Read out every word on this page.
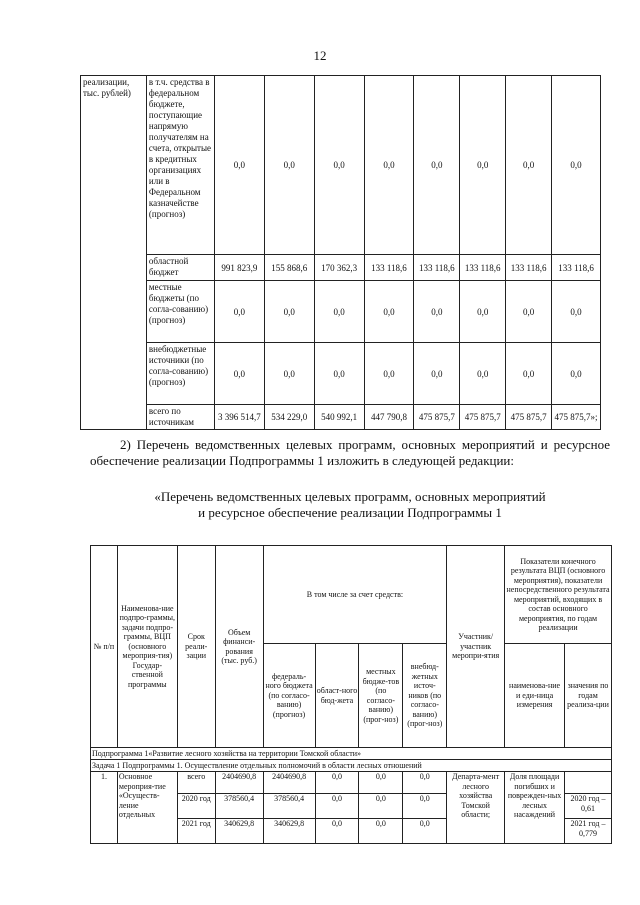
12
реализации, тыс. рублей)	в т.ч. средства в федеральном бюджете, поступающие напрямую получателям на счета, открытые в кредитных организациях или в Федеральном казначействе (прогноз)	0,0	0,0	0,0	0,0	0,0	0,0	0,0	0,0
	областной бюджет	991 823,9	155 868,6	170 362,3	133 118,6	133 118,6	133 118,6	133 118,6	133 118,6
	местные бюджеты (по согла-сованию) (прогноз)	0,0	0,0	0,0	0,0	0,0	0,0	0,0	0,0
	внебюджетные источники (по согла-сованию) (прогноз)	0,0	0,0	0,0	0,0	0,0	0,0	0,0	0,0
	всего по источникам	3 396 514,7	534 229,0	540 992,1	447 790,8	475 875,7	475 875,7	475 875,7	475 875,7»;
2) Перечень ведомственных целевых программ, основных мероприятий и ресурсное обеспечение реализации Подпрограммы 1 изложить в следующей редакции:
«Перечень ведомственных целевых программ, основных мероприятий
и ресурсное обеспечение реализации Подпрограммы 1
№ п/п	Наименова-ние подпро-граммы, задачи подпро-граммы, ВЦП (основного мероприя-тия) Государ-ственной программы	Срок реали-зации	Объем финанси-рования (тыс. руб.)	В том числе за счет средств:				Участник/ участник меропри-ятия	Показатели конечного результата ВЦП (основного мероприятия), показатели непосредственного результата мероприятий, входящих в состав основного мероприятия, по годам реализации	
				федераль-ного бюджета (по согласо-ванию) (прогноз)	област-ного бюд-жета	местных бюдже-тов (по согласо-ванию) (прог-ноз)	внебюд-жетных источ-ников (по согласо-ванию) (прог-ноз)		наименова-ние и еди-ница измерения	значения по годам реализа-ции
Подпрограмма 1«Развитие лесного хозяйства на территории Томской области»										
Задача 1 Подпрограммы 1. Осуществление отдельных полномочий в области лесных отношений										
1.	Основное мероприя-тие «Осуществ-ление отдельных	всего	2404690,8	2404690,8	0,0	0,0	0,0	Департа-мент лесного хозяйства Томской области;	Доля площади погибших и поврежден-ных лесных насаждений	
		2020 год	378560,4	378560,4	0,0	0,0	0,0			2020 год – 0,61
		2021 год	340629,8	340629,8	0,0	0,0	0,0			2021 год – 0,779
